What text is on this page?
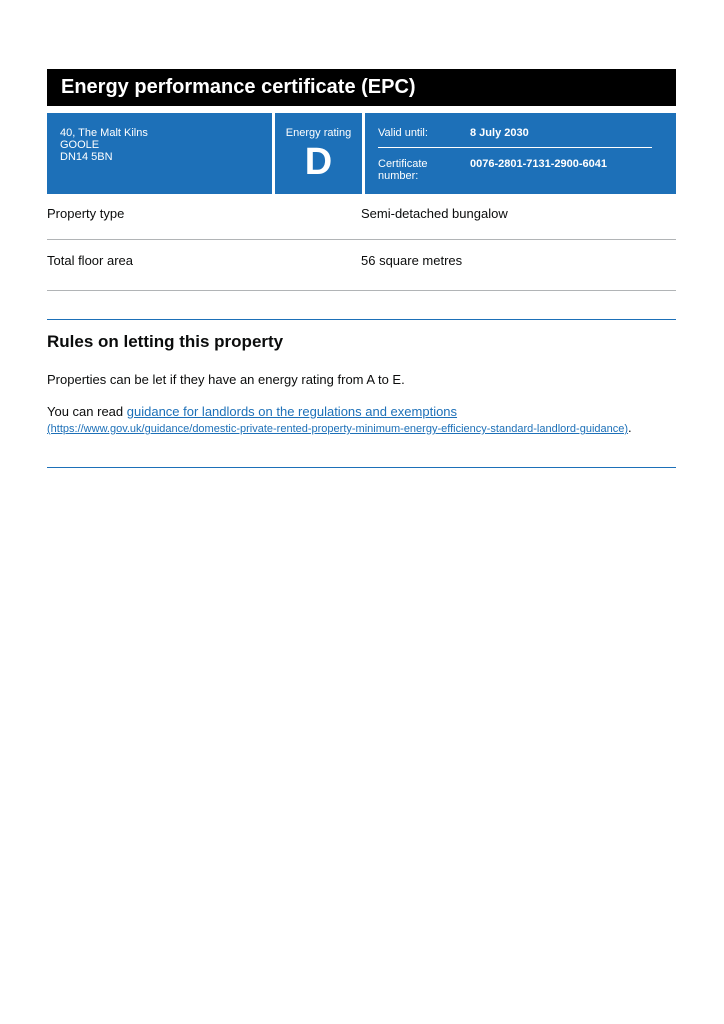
Energy performance certificate (EPC)
40, The Malt Kilns
GOOLE
DN14 5BN
Energy rating
D
Valid until:	8 July 2030
Certificate number:
0076-2801-7131-2900-6041
Property type	Semi-detached bungalow
Total floor area	56 square metres
Rules on letting this property

Properties can be let if they have an energy rating from A to E.

You can read guidance for landlords on the regulations and exemptions
(https://www.gov.uk/guidance/domestic-private-rented-property-minimum-energy-efficiency-standard-landlord-guidance).
